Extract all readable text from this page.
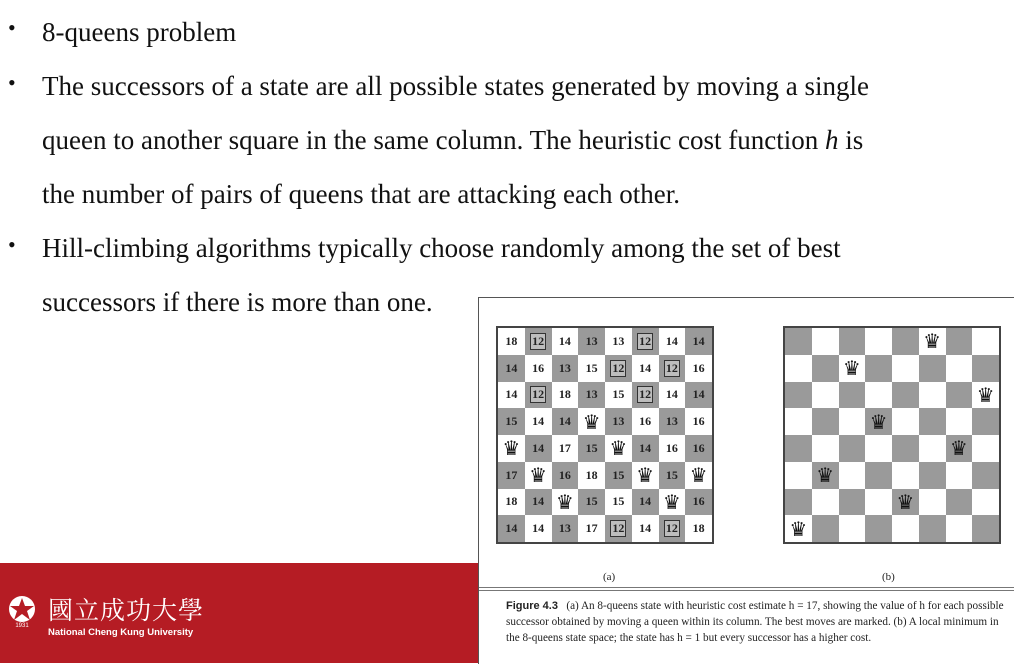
• 8-queens problem
• The successors of a state are all possible states generated by moving a single
queen to another square in the same column. The heuristic cost function h is
the number of pairs of queens that are attacking each other.
• Hill-climbing algorithms typically choose randomly among the set of best
successors if there is more than one.
1931
國立成功大學
National Cheng Kung University
18 12 14 13 13 12 14 14
14 16 13 15 12 14 12 16
14 12 18 13 15 12 14 14
15 14 14 ♛ 13 16 13 16
♛ 14 17 15 ♛ 14 16 16
17 ♛ 16 18 15 ♛ 15 ♛
18 14 ♛ 15 15 14 ♛ 16
14 14 13 17 12 14 12 18
♛
♛
♛
♛
♛
♛
♛
♛
(a)	(b)
Figure 4.3 (a) An 8-queens state with heuristic cost estimate h = 17, showing the value of h for each possible successor obtained by moving a queen within its column. The best moves are marked. (b) A local minimum in the 8-queens state space; the state has h = 1 but every successor has a higher cost.
